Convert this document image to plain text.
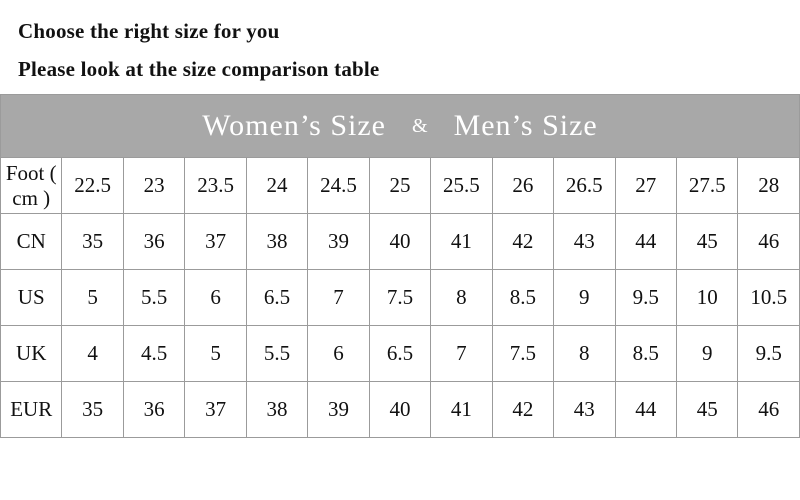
Choose the right size for you
Please look at the size comparison table
Women’s Size & Men’s Size												

Foot ( cm )	22.5	23	23.5	24	24.5	25	25.5	26	26.5	27	27.5	28
CN	35	36	37	38	39	40	41	42	43	44	45	46
US	5	5.5	6	6.5	7	7.5	8	8.5	9	9.5	10	10.5
UK	4	4.5	5	5.5	6	6.5	7	7.5	8	8.5	9	9.5
EUR	35	36	37	38	39	40	41	42	43	44	45	46
